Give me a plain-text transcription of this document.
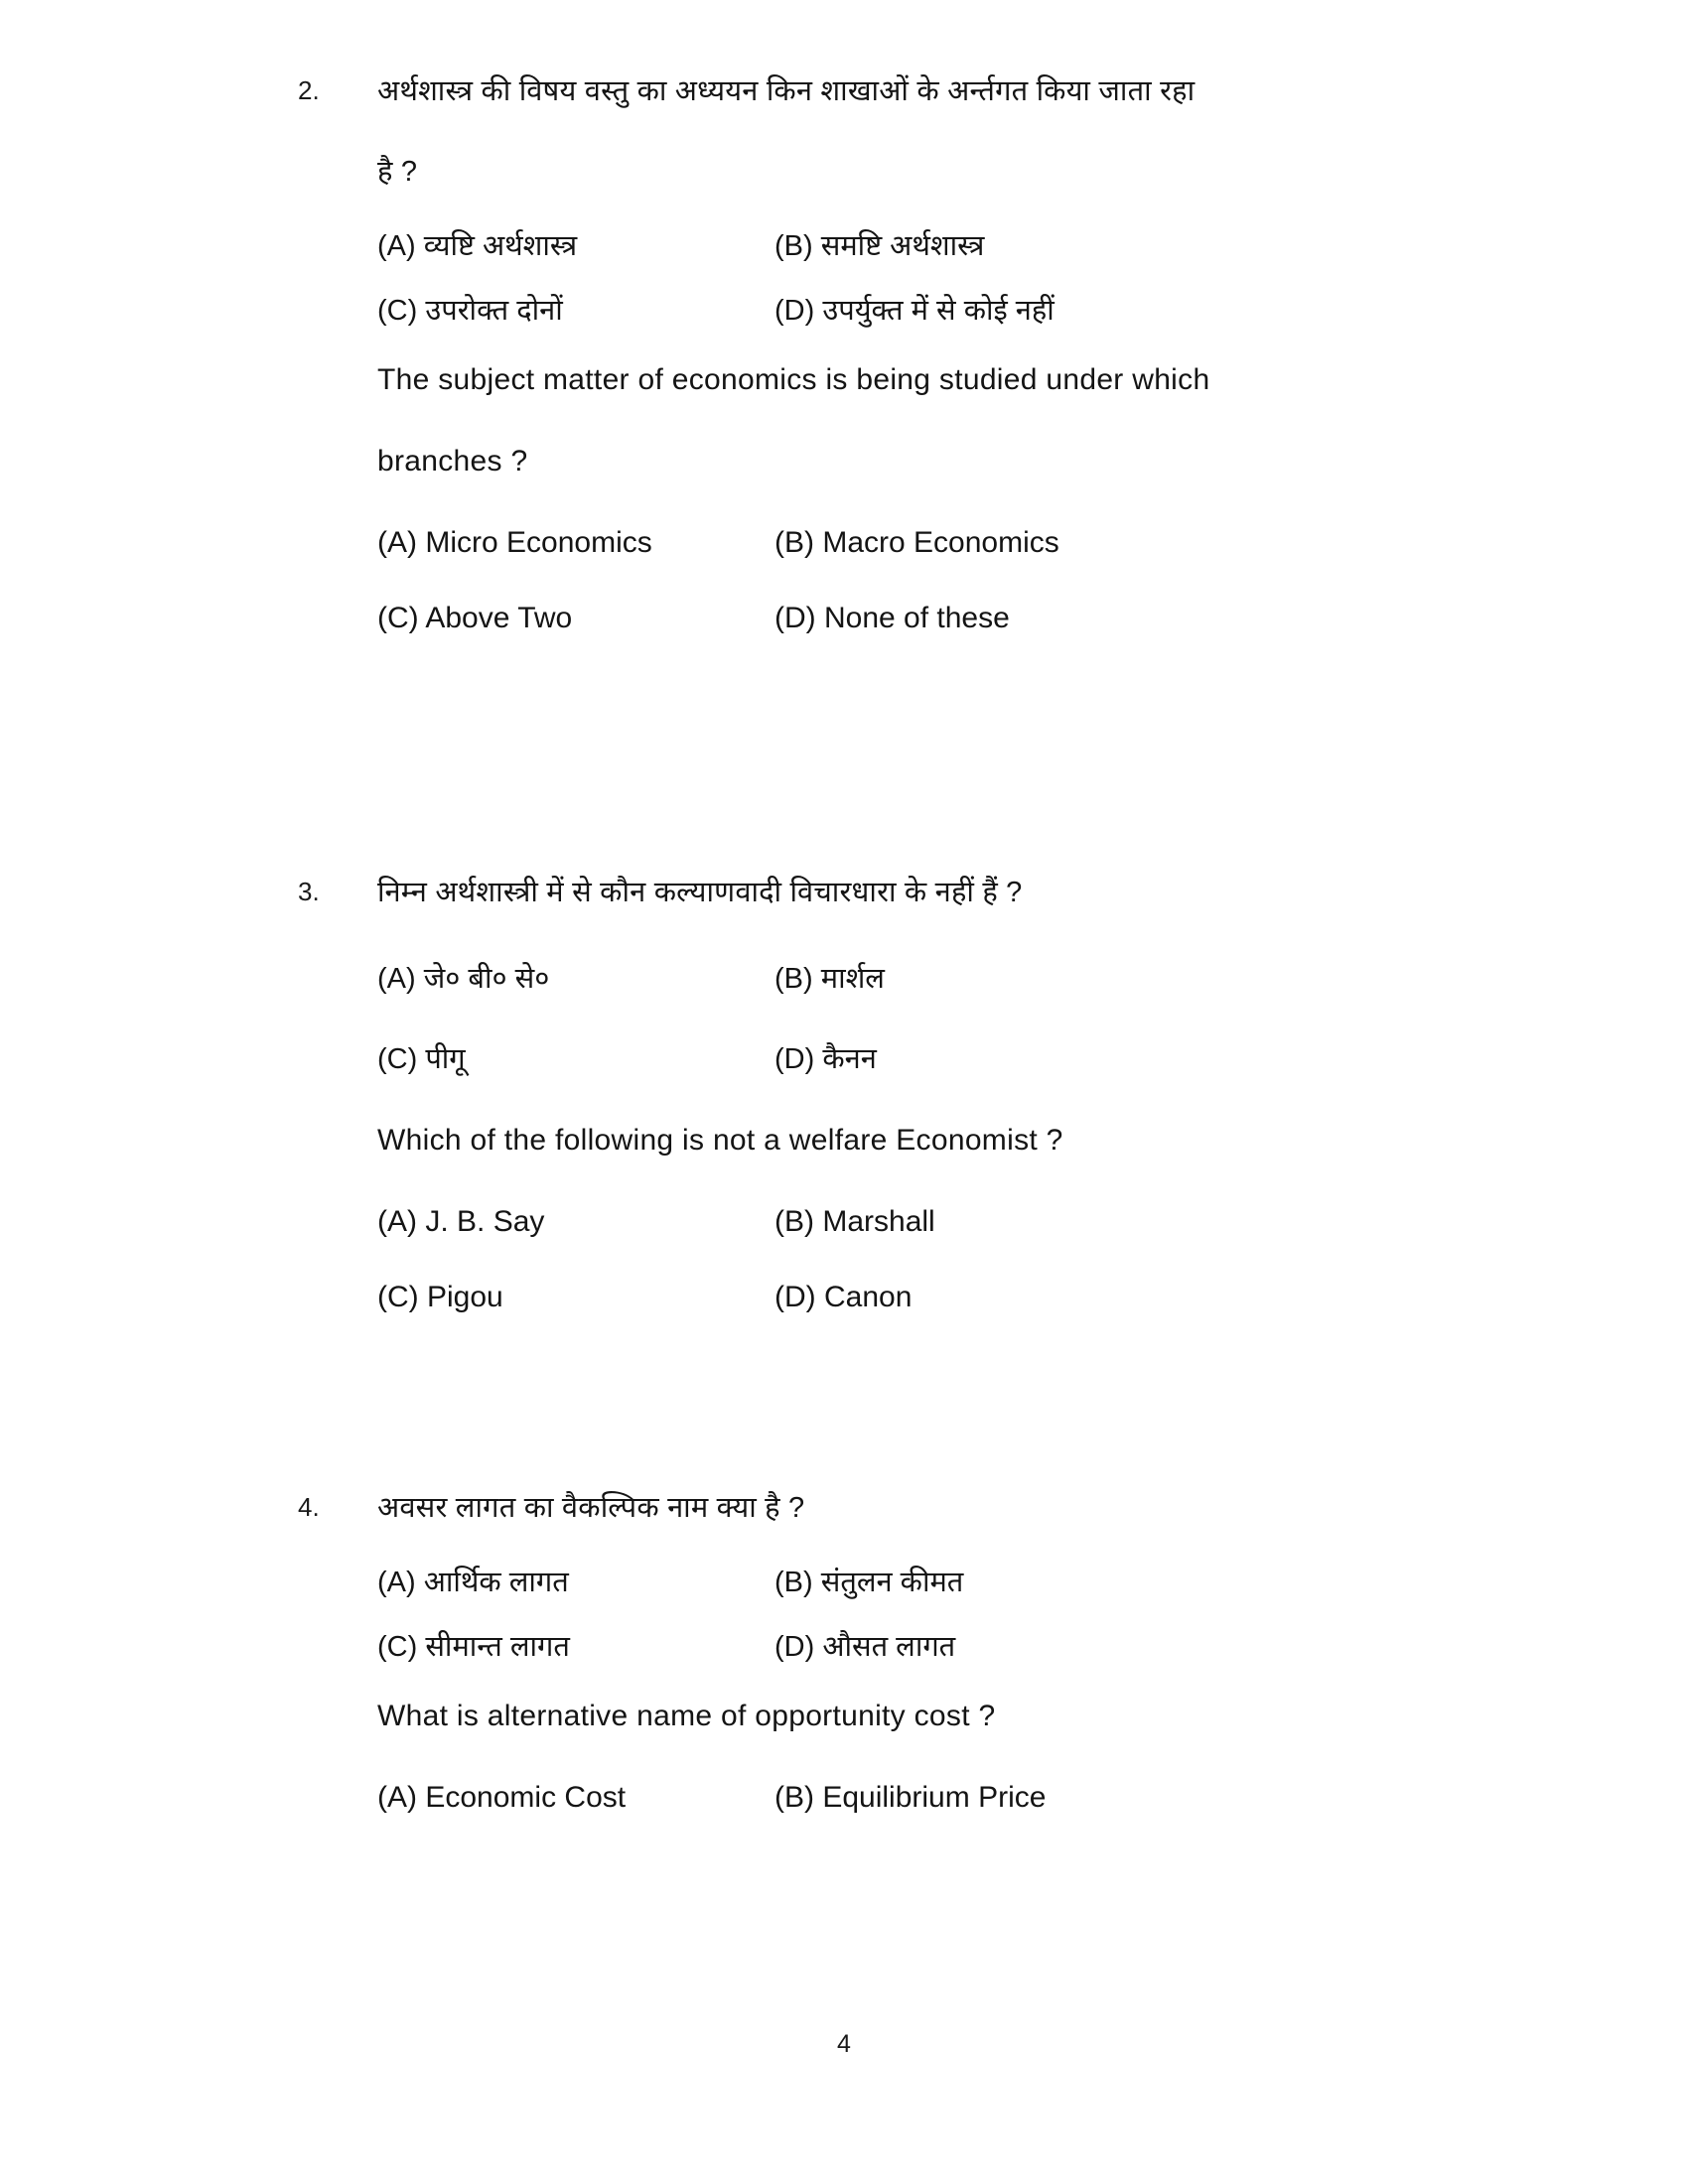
2.	अर्थशास्त्र की विषय वस्तु का अध्ययन किन शाखाओं के अर्न्तगत किया जाता रहा
है ?
(A) व्यष्टि अर्थशास्त्र	(B) समष्टि अर्थशास्त्र
(C) उपरोक्त दोनों	(D) उपर्युक्त में से कोई नहीं
The subject matter of economics is being studied under which
branches ?
(A) Micro Economics	(B) Macro Economics
(C) Above Two	(D) None of these
3.	निम्न अर्थशास्त्री में से कौन कल्याणवादी विचारधारा के नहीं हैं ?
(A) जे० बी० से०	(B) मार्शल
(C) पीगू	(D) कैनन
Which of the following is not a welfare Economist ?
(A) J. B. Say	(B) Marshall
(C) Pigou	(D) Canon
4.	अवसर लागत का वैकल्पिक नाम क्या है ?
(A) आर्थिक लागत	(B) संतुलन कीमत
(C) सीमान्त लागत	(D) औसत लागत
What is alternative name of opportunity cost ?
(A) Economic Cost	(B) Equilibrium Price
4
